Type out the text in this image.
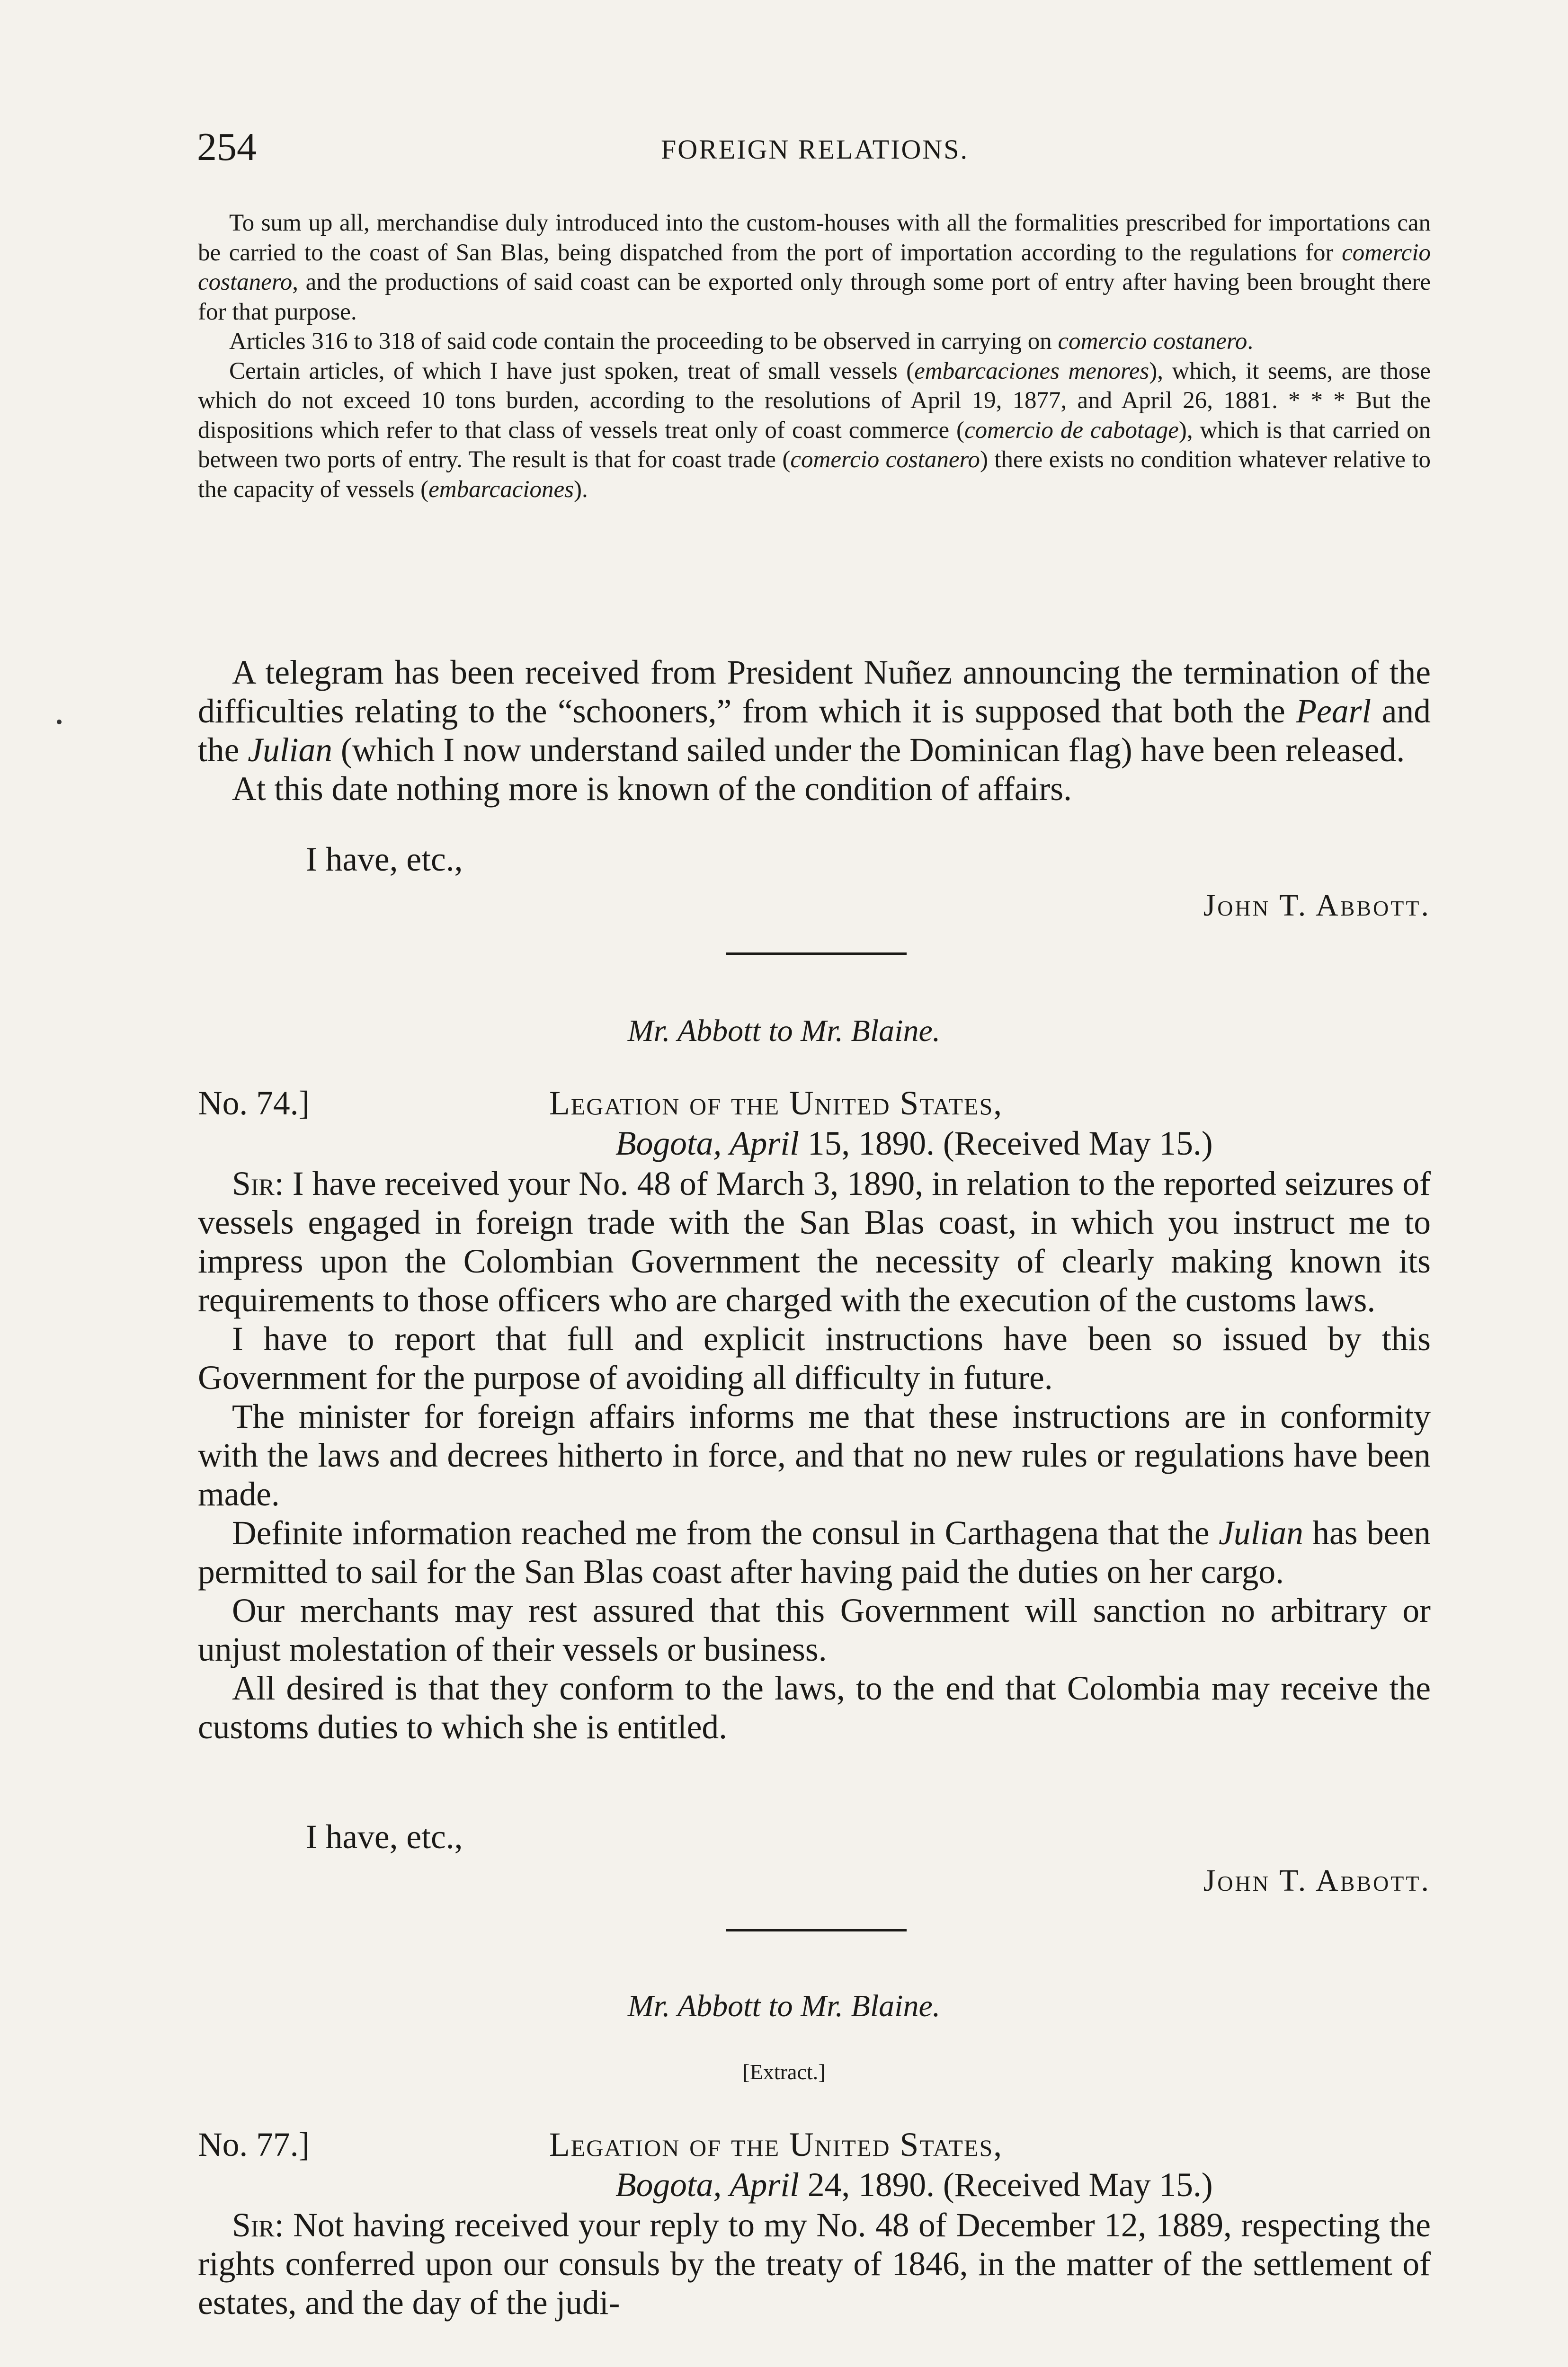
254	FOREIGN RELATIONS.

To sum up all, merchandise duly introduced into the custom-houses with all the formalities prescribed for importations can be carried to the coast of San Blas, being dispatched from the port of importation according to the regulations for comercio costanero, and the productions of said coast can be exported only through some port of entry after having been brought there for that purpose.

Articles 316 to 318 of said code contain the proceeding to be observed in carrying on comercio costanero.

Certain articles, of which I have just spoken, treat of small vessels (embarcaciones menores), which, it seems, are those which do not exceed 10 tons burden, according to the resolutions of April 19, 1877, and April 26, 1881. * * * But the dispositions which refer to that class of vessels treat only of coast commerce (comercio de cabotage), which is that carried on between two ports of entry. The result is that for coast trade (comercio costanero) there exists no condition whatever relative to the capacity of vessels (embarcaciones).

A telegram has been received from President Nuñez announcing the termination of the difficulties relating to the “schooners,” from which it is supposed that both the Pearl and the Julian (which I now understand sailed under the Dominican flag) have been released.

At this date nothing more is known of the condition of affairs.

I have, etc.,
John T. Abbott.
Mr. Abbott to Mr. Blaine.
No. 74.]	Legation of the United States,
Bogota, April 15, 1890. (Received May 15.)

Sir: I have received your No. 48 of March 3, 1890, in relation to the reported seizures of vessels engaged in foreign trade with the San Blas coast, in which you instruct me to impress upon the Colombian Government the necessity of clearly making known its requirements to those officers who are charged with the execution of the customs laws.

I have to report that full and explicit instructions have been so issued by this Government for the purpose of avoiding all difficulty in future.

The minister for foreign affairs informs me that these instructions are in conformity with the laws and decrees hitherto in force, and that no new rules or regulations have been made.

Definite information reached me from the consul in Carthagena that the Julian has been permitted to sail for the San Blas coast after having paid the duties on her cargo.

Our merchants may rest assured that this Government will sanction no arbitrary or unjust molestation of their vessels or business.

All desired is that they conform to the laws, to the end that Colombia may receive the customs duties to which she is entitled.

I have, etc.,
John T. Abbott.
Mr. Abbott to Mr. Blaine.
[Extract.]
No. 77.]	Legation of the United States,
Bogota, April 24, 1890. (Received May 15.)

Sir: Not having received your reply to my No. 48 of December 12, 1889, respecting the rights conferred upon our consuls by the treaty of 1846, in the matter of the settlement of estates, and the day of the judi-
